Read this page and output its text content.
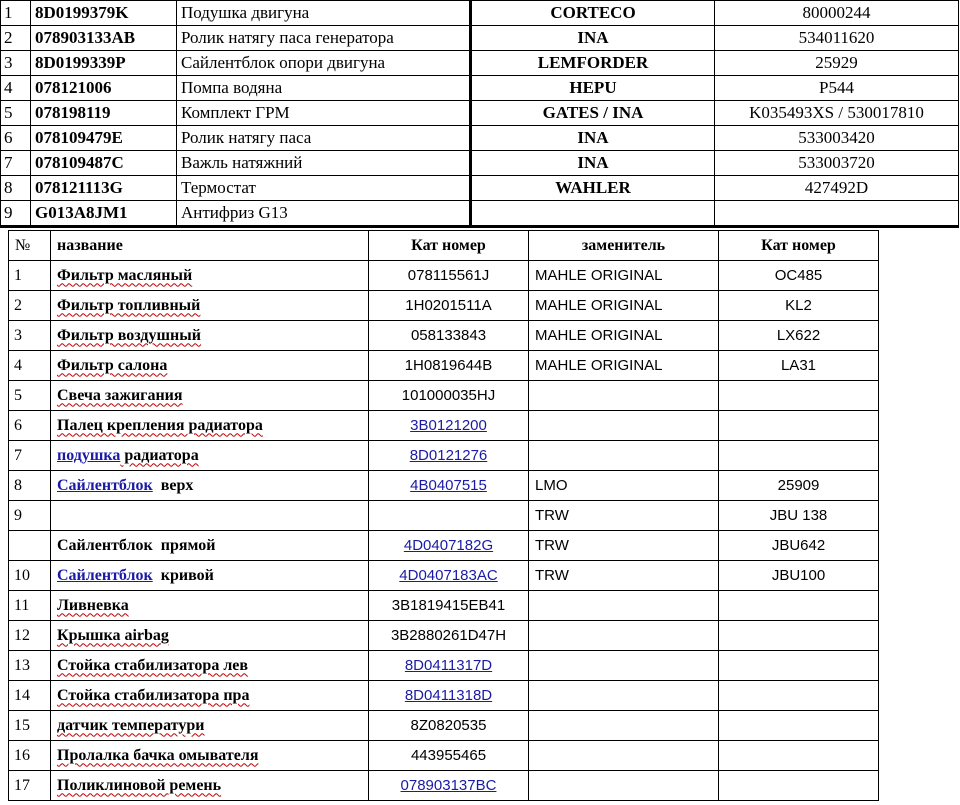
1	8D0199379K	Подушка двигуна	CORTECO	80000244
2	078903133AB	Ролик натягу паса генератора	INA	534011620
3	8D0199339P	Сайлентблок опори двигуна	LEMFORDER	25929
4	078121006	Помпа водяна	HEPU	P544
5	078198119	Комплект ГРМ	GATES / INA	K035493XS / 530017810
6	078109479E	Ролик натягу паса	INA	533003420
7	078109487C	Важль натяжний	INA	533003720
8	078121113G	Термостат	WAHLER	427492D
9	G013A8JM1	Антифриз G13		
№	название	Кат номер	заменитель	Кат номер
1	Фильтр масляный	078115561J	MAHLE ORIGINAL	OC485
2	Фильтр топливный	1H0201511A	MAHLE ORIGINAL	KL2
3	Фильтр воздушный	058133843	MAHLE ORIGINAL	LX622
4	Фильтр салона	1H0819644B	MAHLE ORIGINAL	LA31
5	Свеча зажигания	101000035HJ		
6	Палец крепления радиатора	3B0121200		
7	подушка радиатора	8D0121276		
8	Сайлентблок  верх	4B0407515	LMO	25909
9			TRW	JBU 138
	Сайлентблок  прямой	4D0407182G	TRW	JBU642
10	Сайлентблок  кривой	4D0407183AC	TRW	JBU100
11	Ливневка	3B1819415EB41		
12	Крышка airbag	3B2880261D47H		
13	Стойка стабилизатора лев	8D0411317D		
14	Стойка стабилизатора пра	8D0411318D		
15	датчик температури	8Z0820535		
16	Пролалка бачка омывателя	443955465		
17	Поликлиновой ремень	078903137BC		
